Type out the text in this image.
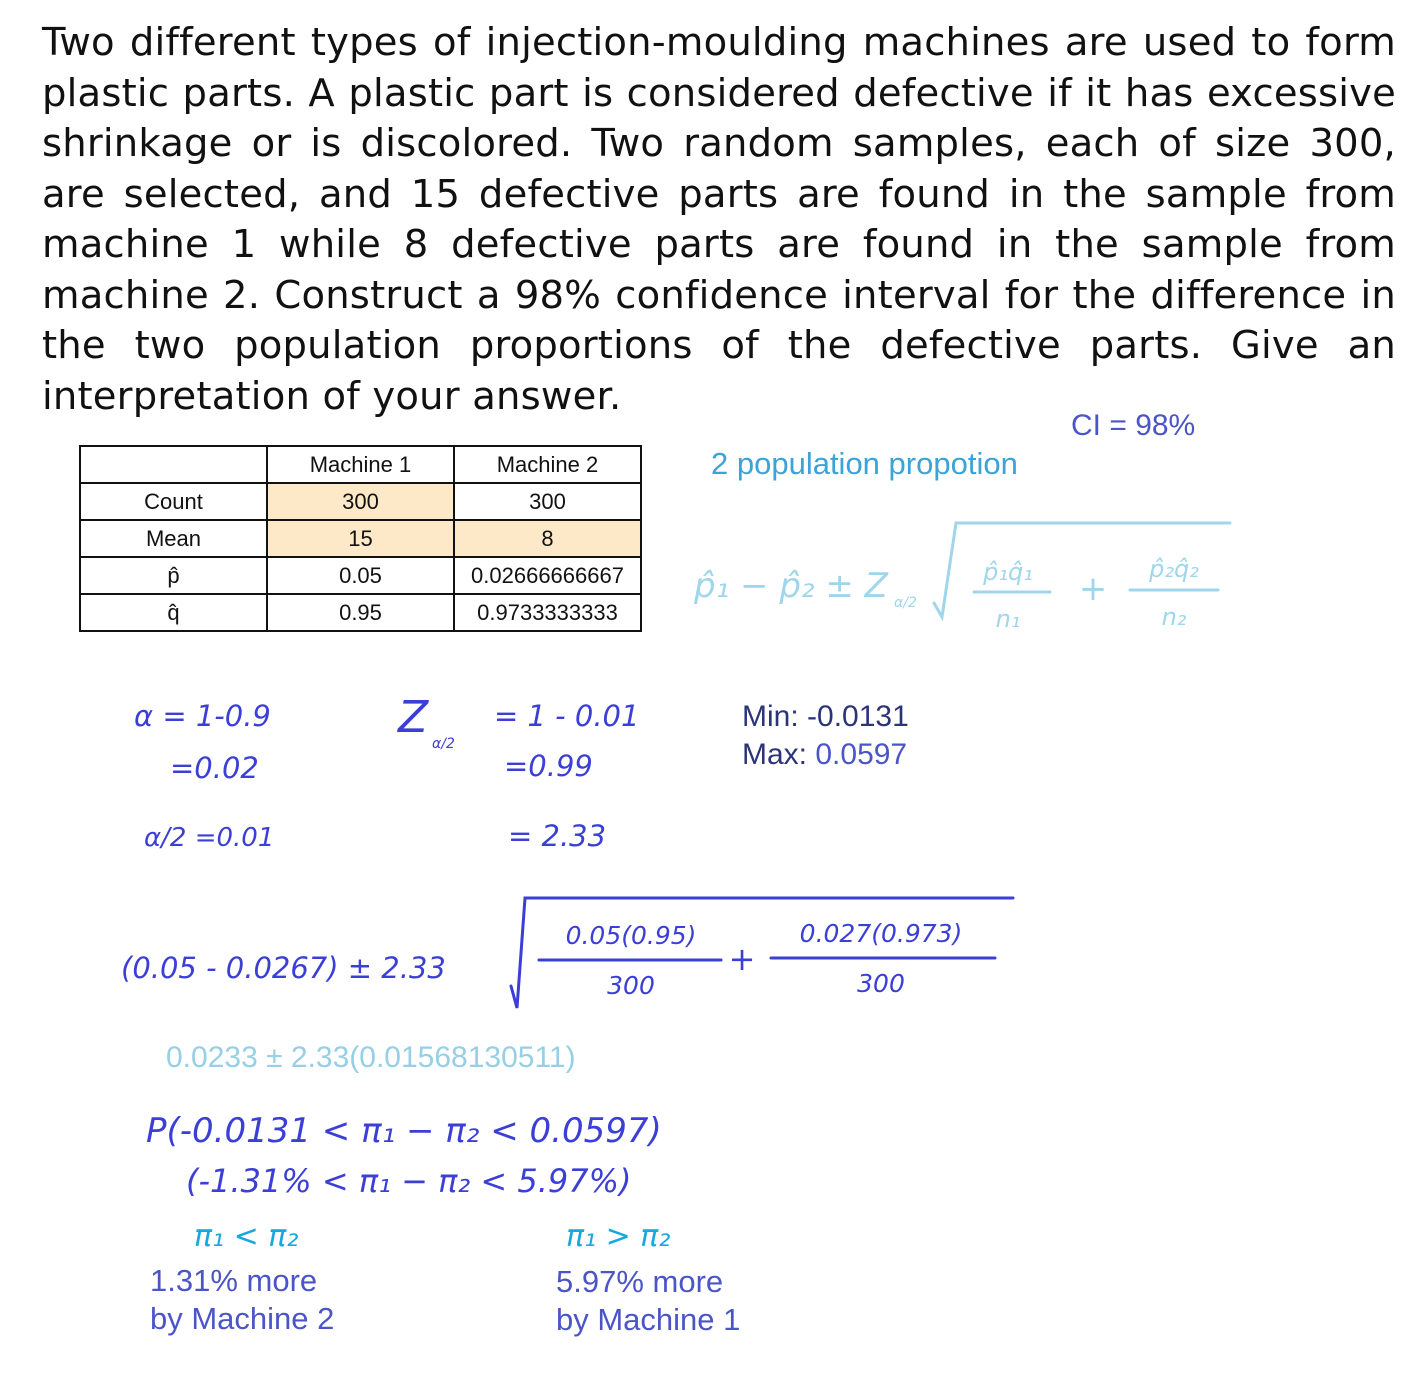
Two different types of injection-moulding machines are used to form plastic parts. A plastic part is considered defective if it has excessive shrinkage or is discolored. Two random samples, each of size 300, are selected, and 15 defective parts are found in the sample from machine 1 while 8 defective parts are found in the sample from machine 2. Construct a 98% confidence interval for the difference in the two population proportions of the defective parts. Give an interpretation of your answer.
CI = 98%
2 population propotion
	Machine 1	Machine 2
Count	300	300
Mean	15	8
p̂	0.05	0.02666666667
q̂	0.95	0.9733333333
p̂₁ − p̂₂ ± Z α/2
p̂₁q̂₁
n₁
+ p̂₂q̂₂
n₂
α = 1-0.9
=0.02
α/2 =0.01
Z
α/2
= 1 - 0.01
=0.99
= 2.33
Min: -0.0131
Max: 0.0597
(0.05 - 0.0267) ± 2.33
0.05(0.95)
300
+
0.027(0.973)
300
0.0233 ± 2.33(0.01568130511)
P(-0.0131 < π₁ − π₂ < 0.0597)
(-1.31% < π₁ − π₂ < 5.97%)
π₁ < π₂	π₁ > π₂
1.31% more
by Machine 2
5.97% more
by Machine 1
